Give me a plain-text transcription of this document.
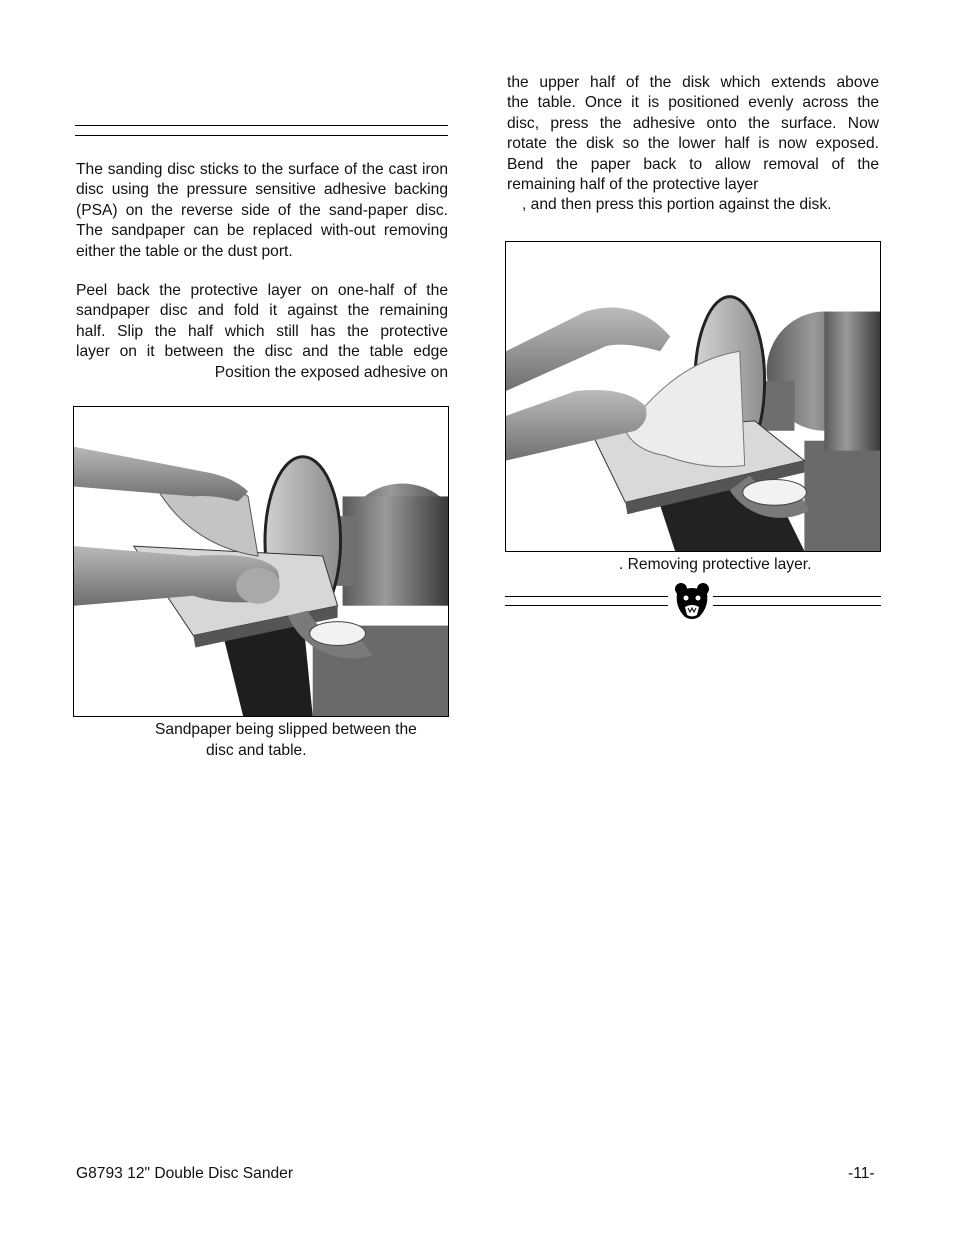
The sanding disc sticks to the surface of the cast iron disc using the pressure sensitive adhesive backing (PSA) on the reverse side of the sand-paper disc. The sandpaper can be replaced with-out removing either the table or the dust port.

Peel back the protective layer on one-half of the
sandpaper disc and fold it against the remaining
half. Slip the half which still has the protective
layer on it between the disc and the table edge
Position the exposed adhesive on

Sandpaper being slipped between the

disc and table.

the upper half of the disk which extends above
the table. Once it is positioned evenly across the
disc, press the adhesive onto the surface. Now
rotate the disk so the lower half is now exposed.
Bend the paper back to allow removal of the
remaining half of the protective layer
, and then press this portion against the disk.

. Removing protective layer.

G8793 12" Double Disc Sander	-11-
